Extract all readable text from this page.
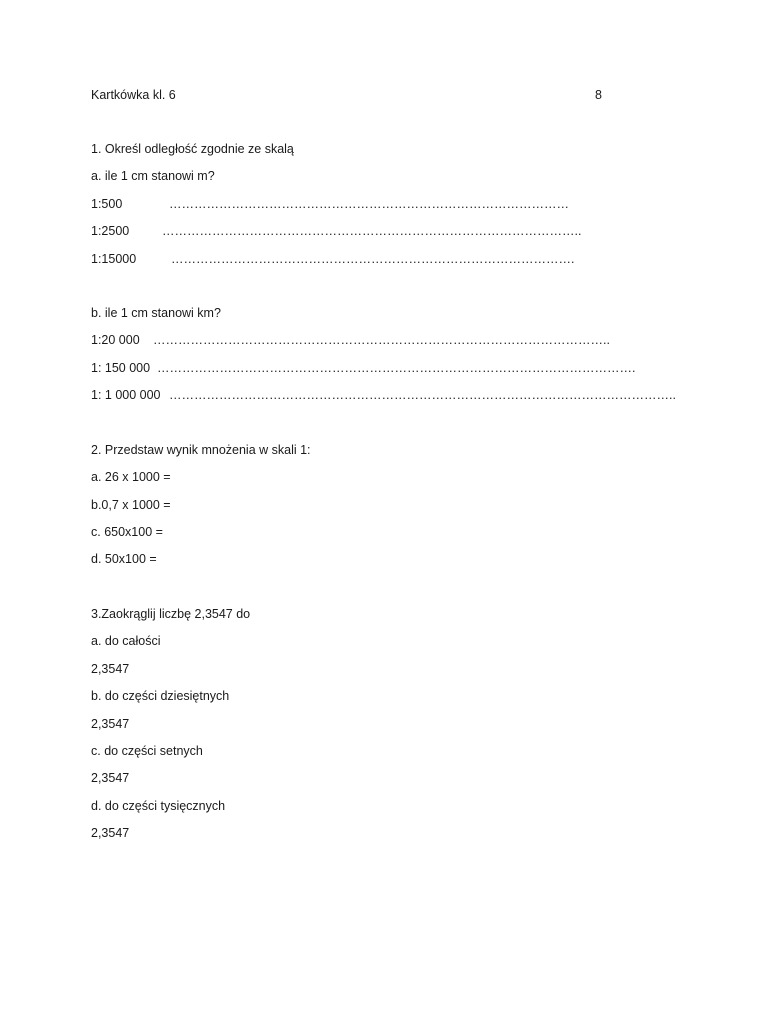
Kartkówka kl. 6	8
1. Określ odległość zgodnie ze skalą
a. ile 1 cm stanowi m?
1:500	……………………………………………………………………………………
1:2500	………………………………………………………………………………………..
1:15000	…………………………………………………………………………………….
b. ile 1 cm stanowi km?
1:20 000 ………………………………………………………………………………………………..
1: 150 000 …………………………………………………………………………………………………….
1: 1 000 000 …………………………………………………………………………………………………………..
2. Przedstaw wynik mnożenia w skali 1:
a. 26 x 1000 =
b.0,7 x 1000 =
c. 650x100 =
d. 50x100 =
3.Zaokrąglij liczbę 2,3547 do
a. do całości
2,3547
b. do części dziesiętnych
2,3547
c. do części setnych
2,3547
d. do części tysięcznych
2,3547
